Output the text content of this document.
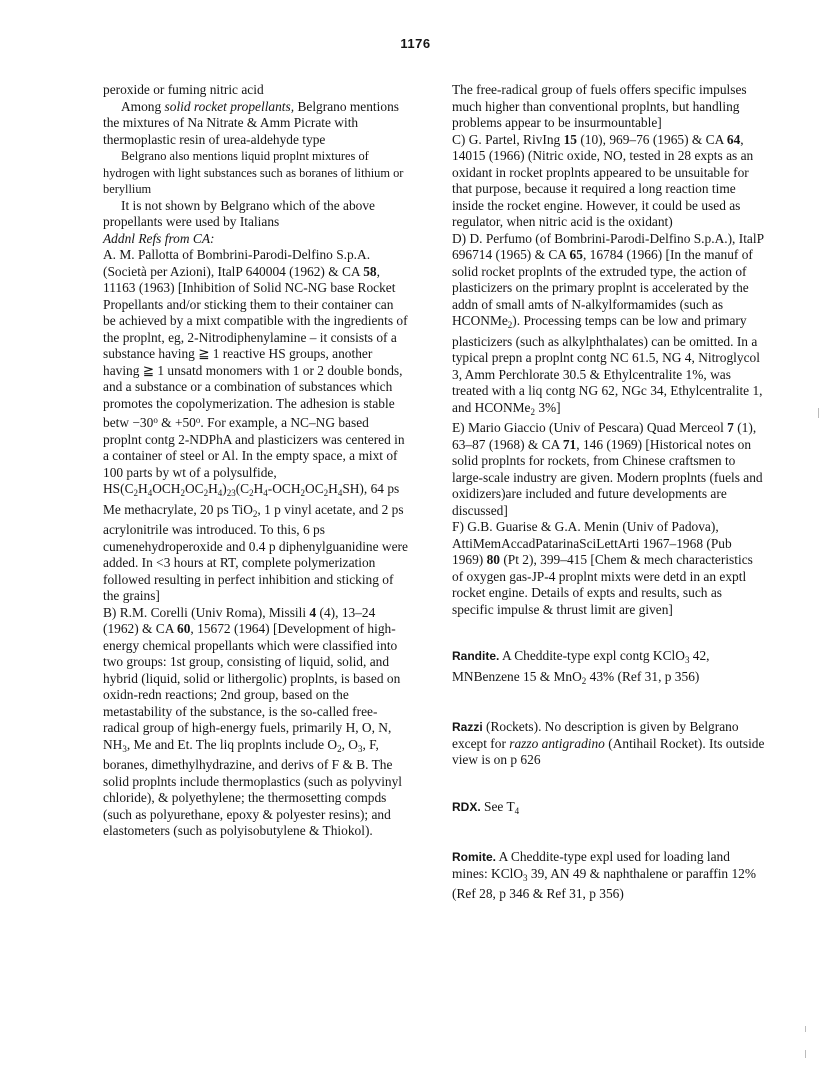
1176

peroxide or fuming nitric acid

Among solid rocket propellants, Belgrano mentions the mixtures of Na Nitrate & Amm Picrate with thermoplastic resin of urea-aldehyde type

Belgrano also mentions liquid proplnt mixtures of hydrogen with light substances such as boranes of lithium or beryllium

It is not shown by Belgrano which of the above propellants were used by Italians

Addnl Refs from CA:

A. M. Pallotta of Bombrini-Parodi-Delfino S.p.A. (Società per Azioni), ItalP 640004 (1962) & CA 58, 11163 (1963) [Inhibition of Solid NC-NG base Rocket Propellants and/or sticking them to their container can be achieved by a mixt compatible with the ingredients of the proplnt, eg, 2-Nitrodiphenylamine – it consists of a substance having ≧ 1 reactive HS groups, another having ≧ 1 unsatd monomers with 1 or 2 double bonds, and a substance or a combination of substances which promotes the copolymerization. The adhesion is stable betw $-30^o$ & $+50^o$. For example, a NC–NG based proplnt contg 2-NDPhA and plasticizers was centered in a container of steel or Al. In the empty space, a mixt of 100 parts by wt of a polysulfide, $HS(C_2H_4OCH_2OC_2H_4)_{23}(C_2H_4-OCH_2OC_2H_4SH)$, 64 ps Me methacrylate, 20 ps TiO$_2$, 1 p vinyl acetate, and 2 ps acrylonitrile was introduced. To this, 6 ps cumenehydroperoxide and 0.4 p diphenylguanidine were added. In <3 hours at RT, complete polymerization followed resulting in perfect inhibition and sticking of the grains]

B) R.M. Corelli (Univ Roma), Missili 4 (4), 13–24 (1962) & CA 60, 15672 (1964) [Development of high-energy chemical propellants which were classified into two groups: 1st group, consisting of liquid, solid, and hybrid (liquid, solid or lithergolic) proplnts, is based on oxidn-redn reactions; 2nd group, based on the metastability of the substance, is the so-called free-radical group of high-energy fuels, primarily H, O, N, $NH_3$, Me and Et. The liq proplnts include $O_2$, $O_3$, F, boranes, dimethylhydrazine, and derivs of F & B. The solid proplnts include thermoplastics (such as polyvinyl chloride), & polyethylene; the thermosetting compds (such as polyurethane, epoxy & polyester resins); and elastometers (such as polyisobutylene & Thiokol).

The free-radical group of fuels offers specific impulses much higher than conventional proplnts, but handling problems appear to be insurmountable]

C) G. Partel, RivIng 15 (10), 969–76 (1965) & CA 64, 14015 (1966) (Nitric oxide, NO, tested in 28 expts as an oxidant in rocket proplnts appeared to be unsuitable for that purpose, because it required a long reaction time inside the rocket engine. However, it could be used as regulator, when nitric acid is the oxidant)

D) D. Perfumo (of Bombrini-Parodi-Delfino S.p.A.), ItalP 696714 (1965) & CA 65, 16784 (1966) [In the manuf of solid rocket proplnts of the extruded type, the action of plasticizers on the primary proplnt is accelerated by the addn of small amts of N-alkylformamides (such as HCONMe$_2$). Processing temps can be low and primary plasticizers (such as alkylphthalates) can be omitted. In a typical prepn a proplnt contg NC 61.5, NG 4, Nitroglycol 3, Amm Perchlorate 30.5 & Ethylcentralite 1%, was treated with a liq contg NG 62, NGc 34, Ethylcentralite 1, and HCONMe$_2$ 3%]

E) Mario Giaccio (Univ of Pescara) Quad Merceol 7 (1), 63–87 (1968) & CA 71, 146 (1969) [Historical notes on solid proplnts for rockets, from Chinese craftsmen to large-scale industry are given. Modern proplnts (fuels and oxidizers)are included and future developments are discussed]

F) G.B. Guarise & G.A. Menin (Univ of Padova), AttiMemAccadPatarinaSciLettArti 1967–1968 (Pub 1969) 80 (Pt 2), 399–415 [Chem & mech characteristics of oxygen gas-JP-4 proplnt mixts were detd in an exptl rocket engine. Details of expts and results, such as specific impulse & thrust limit are given]

Randite. A Cheddite-type expl contg KClO$_3$ 42, MNBenzene 15 & MnO$_2$ 43% (Ref 31, p 356)

Razzi (Rockets). No description is given by Belgrano except for razzo antigradino (Antihail Rocket). Its outside view is on p 626

RDX. See $T_4$

Romite. A Cheddite-type expl used for loading land mines: KClO$_3$ 39, AN 49 & naphthalene or paraffin 12% (Ref 28, p 346 & Ref 31, p 356)
